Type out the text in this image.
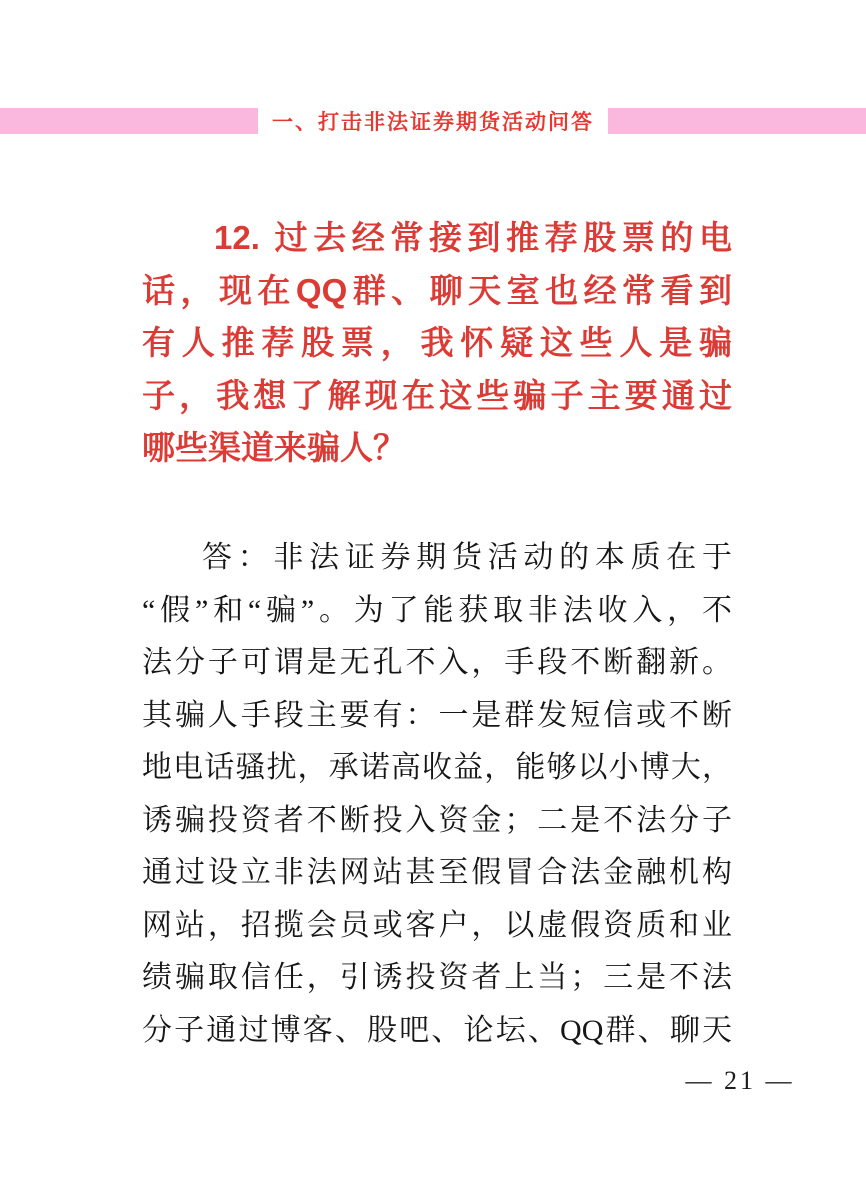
一、打击非法证券期货活动问答
12. 过去经常接到推荐股票的电
话，现在QQ群、聊天室也经常看到
有人推荐股票，我怀疑这些人是骗
子，我想了解现在这些骗子主要通过
哪些渠道来骗人？
答：非法证券期货活动的本质在于
“假”和“骗”。为了能获取非法收入，不
法分子可谓是无孔不入，手段不断翻新。
其骗人手段主要有：一是群发短信或不断
地电话骚扰，承诺高收益，能够以小博大，
诱骗投资者不断投入资金；二是不法分子
通过设立非法网站甚至假冒合法金融机构
网站，招揽会员或客户，以虚假资质和业
绩骗取信任，引诱投资者上当；三是不法
分子通过博客、股吧、论坛、QQ群、聊天
— 21 —
